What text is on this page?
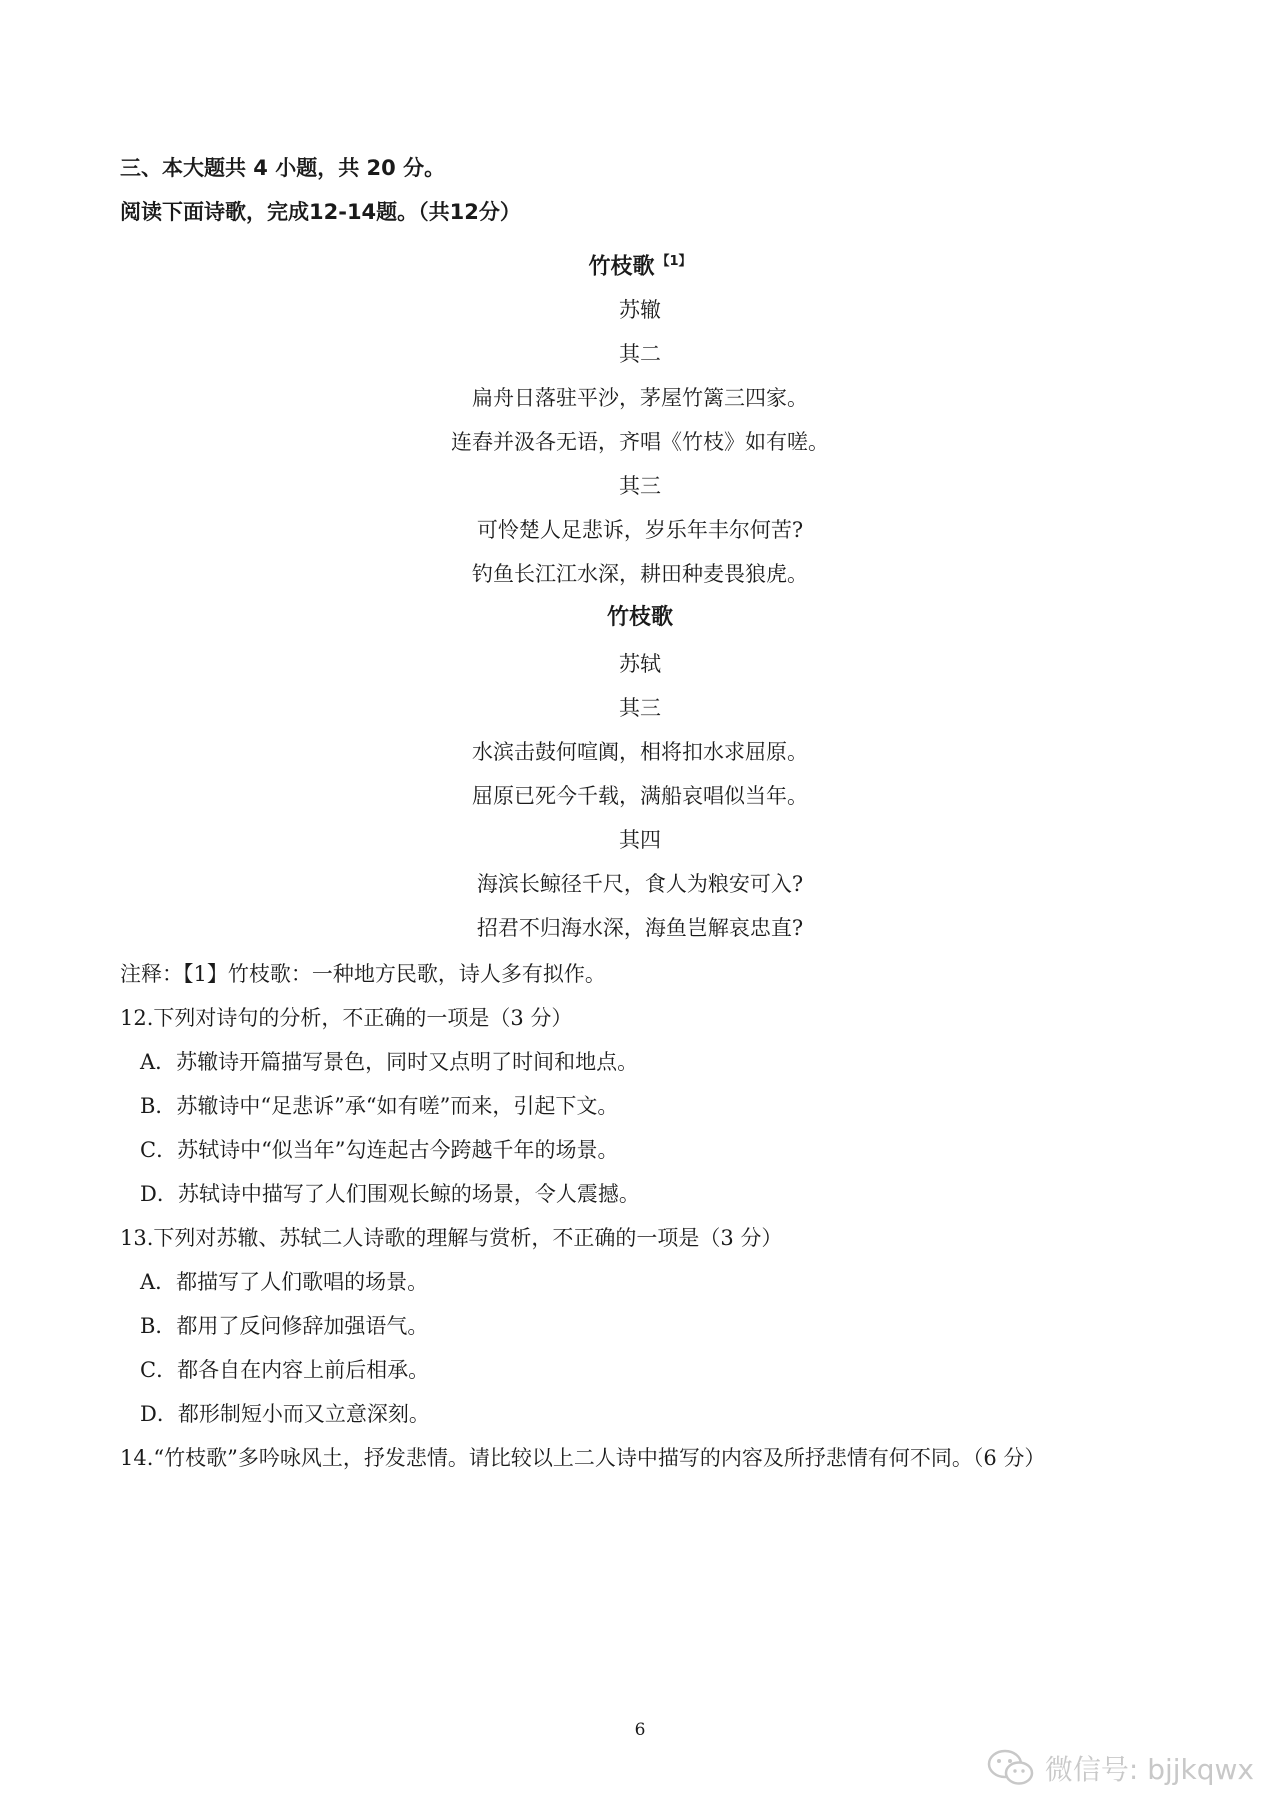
三、本大题共 4 小题，共 20 分。
阅读下面诗歌，完成12-14题。（共12分）
竹枝歌 $^{【1】}$
苏辙
其二
扁舟日落驻平沙，茅屋竹篱三四家。
连舂并汲各无语，齐唱《竹枝》如有嗟。
其三
可怜楚人足悲诉，岁乐年丰尔何苦?
钓鱼长江江水深，耕田种麦畏狼虎。
竹枝歌
苏轼
其三
水滨击鼓何喧阗，相将扣水求屈原。
屈原已死今千载，满船哀唱似当年。
其四
海滨长鲸径千尺，食人为粮安可入?
招君不归海水深，海鱼岂解哀忠直?
注释：【1】竹枝歌：一种地方民歌，诗人多有拟作。
12.下列对诗句的分析，不正确的一项是（3 分）
A．苏辙诗开篇描写景色，同时又点明了时间和地点。
B．苏辙诗中“足悲诉”承“如有嗟”而来，引起下文。
C．苏轼诗中“似当年”勾连起古今跨越千年的场景。
D．苏轼诗中描写了人们围观长鲸的场景，令人震撼。
13.下列对苏辙、苏轼二人诗歌的理解与赏析，不正确的一项是（3 分）
A．都描写了人们歌唱的场景。
B．都用了反问修辞加强语气。
C．都各自在内容上前后相承。
D．都形制短小而又立意深刻。
14.“竹枝歌”多吟咏风土，抒发悲情。请比较以上二人诗中描写的内容及所抒悲情有何不同。（6 分）
6
微信号: bjjkqwx
